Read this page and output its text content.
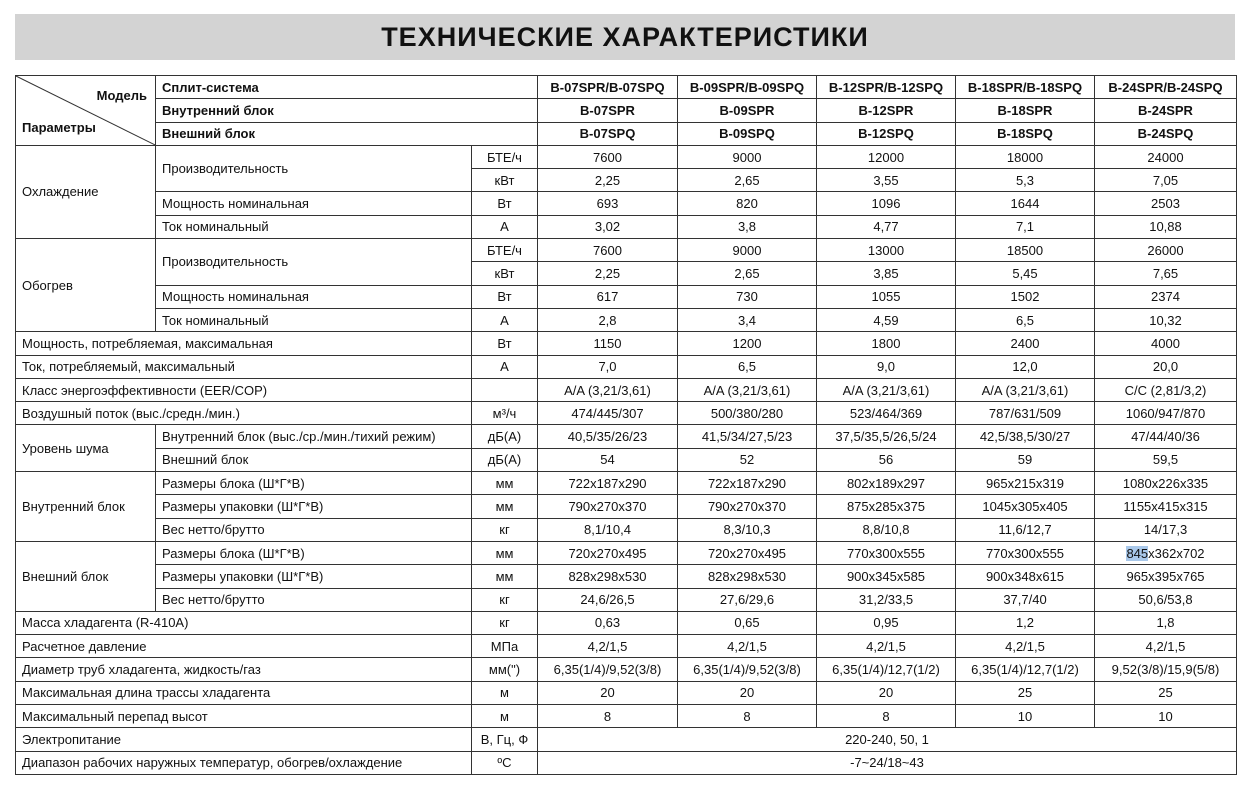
ТЕХНИЧЕСКИЕ ХАРАКТЕРИСТИКИ
Модель
Параметры	Сплит-система		B-07SPR/B-07SPQ	B-09SPR/B-09SPQ	B-12SPR/B-12SPQ	B-18SPR/B-18SPQ	B-24SPR/B-24SPQ
	Внутренний блок		B-07SPR	B-09SPR	B-12SPR	B-18SPR	B-24SPR
	Внешний блок		B-07SPQ	B-09SPQ	B-12SPQ	B-18SPQ	B-24SPQ
Охлаждение	Производительность	БТЕ/ч	7600	9000	12000	18000	24000
		кВт	2,25	2,65	3,55	5,3	7,05
	Мощность номинальная	Вт	693	820	1096	1644	2503
	Ток номинальный	А	3,02	3,8	4,77	7,1	10,88
Обогрев	Производительность	БТЕ/ч	7600	9000	13000	18500	26000
		кВт	2,25	2,65	3,85	5,45	7,65
	Мощность номинальная	Вт	617	730	1055	1502	2374
	Ток номинальный	А	2,8	3,4	4,59	6,5	10,32
Мощность, потребляемая, максимальная		Вт	1150	1200	1800	2400	4000
Ток, потребляемый, максимальный		А	7,0	6,5	9,0	12,0	20,0
Класс энергоэффективности (EER/COP)			A/A (3,21/3,61)	A/A (3,21/3,61)	A/A (3,21/3,61)	A/A (3,21/3,61)	C/C (2,81/3,2)
Воздушный поток (выс./средн./мин.)		м³/ч	474/445/307	500/380/280	523/464/369	787/631/509	1060/947/870
Уровень шума	Внутренний блок (выс./ср./мин./тихий режим)	дБ(А)	40,5/35/26/23	41,5/34/27,5/23	37,5/35,5/26,5/24	42,5/38,5/30/27	47/44/40/36
	Внешний блок	дБ(А)	54	52	56	59	59,5
Внутренний блок	Размеры блока (Ш*Г*В)	мм	722x187x290	722x187x290	802x189x297	965x215x319	1080x226x335
	Размеры упаковки (Ш*Г*В)	мм	790x270x370	790x270x370	875x285x375	1045x305x405	1155x415x315
	Вес нетто/брутто	кг	8,1/10,4	8,3/10,3	8,8/10,8	11,6/12,7	14/17,3
Внешний блок	Размеры блока (Ш*Г*В)	мм	720x270x495	720x270x495	770x300x555	770x300x555	845x362x702
	Размеры упаковки (Ш*Г*В)	мм	828x298x530	828x298x530	900x345x585	900x348x615	965x395x765
	Вес нетто/брутто	кг	24,6/26,5	27,6/29,6	31,2/33,5	37,7/40	50,6/53,8
Масса хладагента (R-410A)		кг	0,63	0,65	0,95	1,2	1,8
Расчетное давление		МПа	4,2/1,5	4,2/1,5	4,2/1,5	4,2/1,5	4,2/1,5
Диаметр труб хладагента, жидкость/газ		мм(")	6,35(1/4)/9,52(3/8)	6,35(1/4)/9,52(3/8)	6,35(1/4)/12,7(1/2)	6,35(1/4)/12,7(1/2)	9,52(3/8)/15,9(5/8)
Максимальная длина трассы хладагента		м	20	20	20	25	25
Максимальный перепад высот		м	8	8	8	10	10
Электропитание		В, Гц, Ф	220-240, 50, 1				
Диапазон рабочих наружных температур, обогрев/охлаждение		ºC	-7~24/18~43				
